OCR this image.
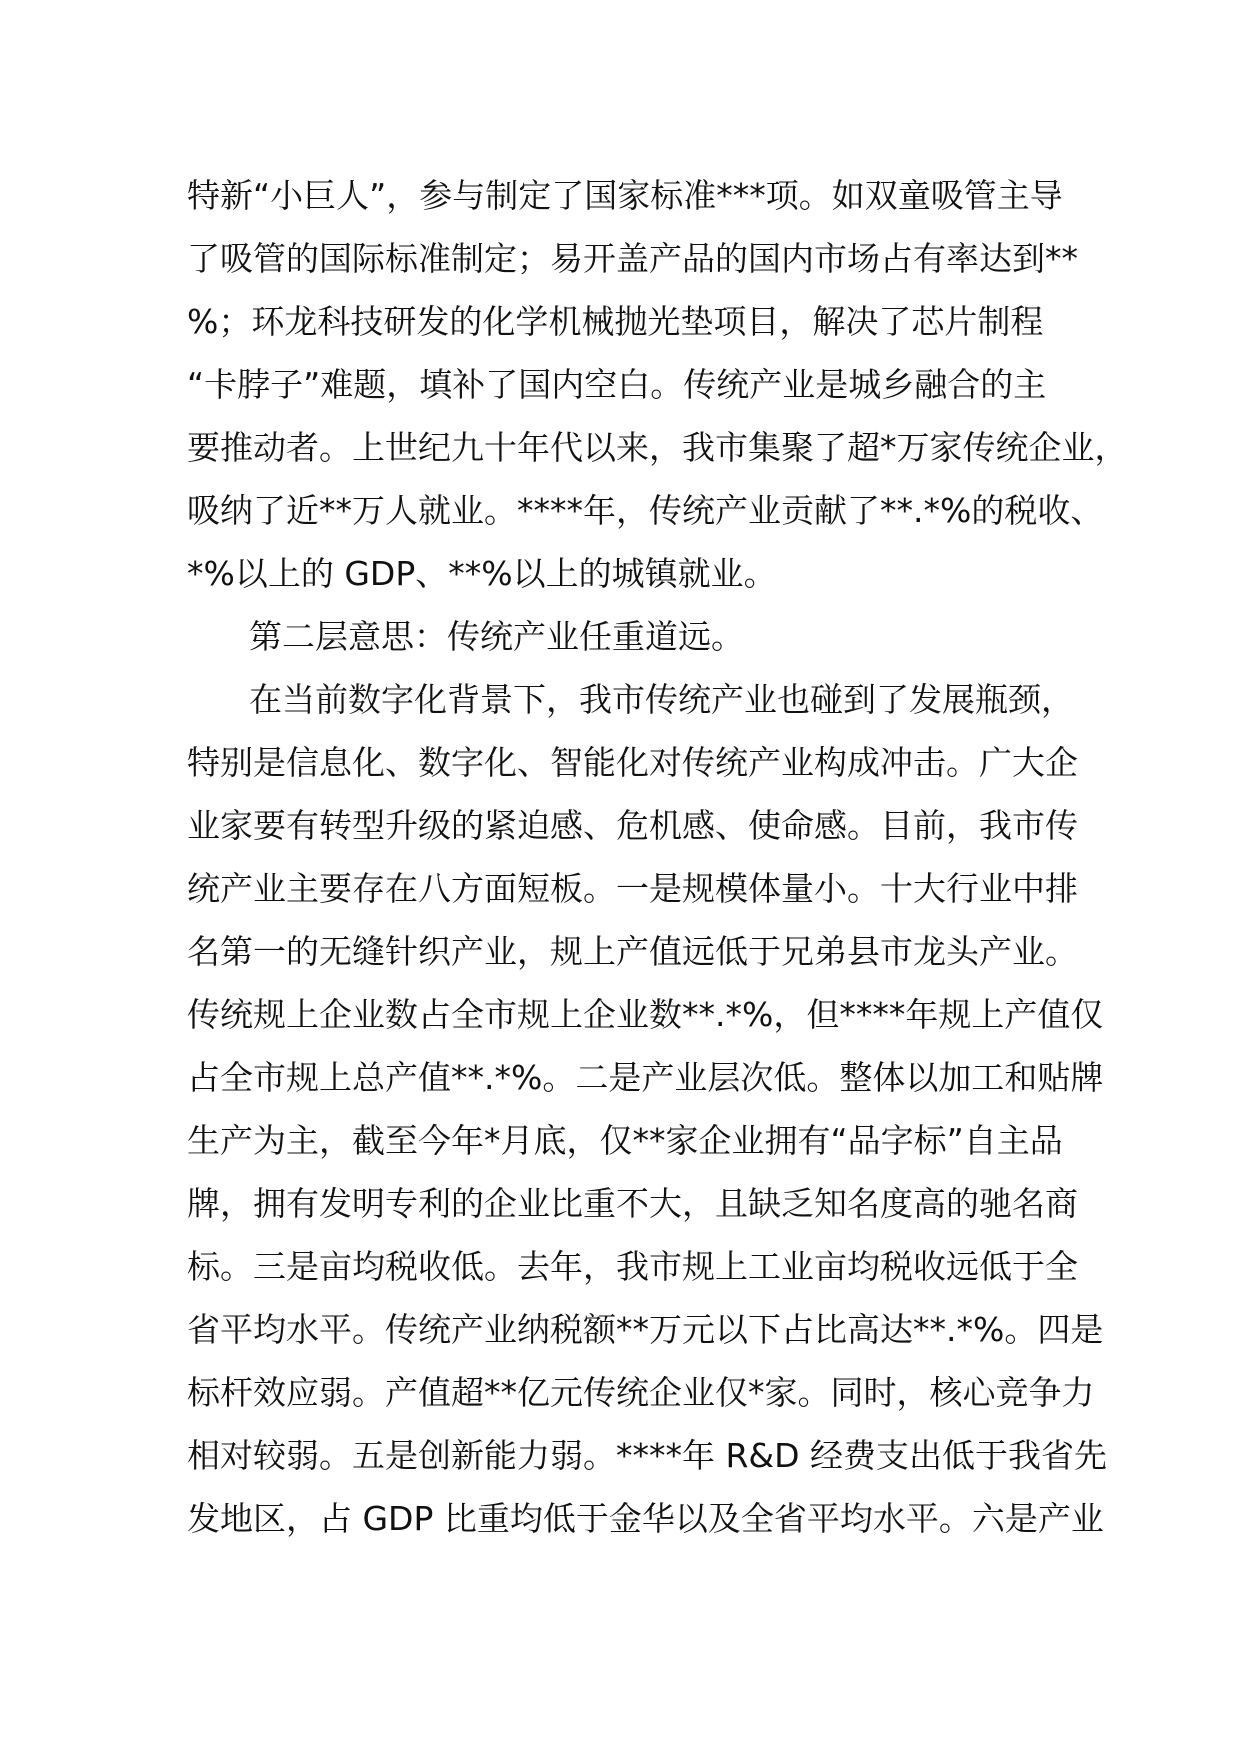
特新“小巨人”，参与制定了国家标准***项。如双童吸管主导
了吸管的国际标准制定；易开盖产品的国内市场占有率达到**
%；环龙科技研发的化学机械抛光垫项目，解决了芯片制程
“卡脖子”难题，填补了国内空白。传统产业是城乡融合的主
要推动者。上世纪九十年代以来，我市集聚了超*万家传统企业，
吸纳了近**万人就业。****年，传统产业贡献了**.*%的税收、
*%以上的 GDP、**%以上的城镇就业。
第二层意思：传统产业任重道远。
在当前数字化背景下，我市传统产业也碰到了发展瓶颈，
特别是信息化、数字化、智能化对传统产业构成冲击。广大企
业家要有转型升级的紧迫感、危机感、使命感。目前，我市传
统产业主要存在八方面短板。一是规模体量小。十大行业中排
名第一的无缝针织产业，规上产值远低于兄弟县市龙头产业。
传统规上企业数占全市规上企业数**.*%，但****年规上产值仅
占全市规上总产值**.*%。二是产业层次低。整体以加工和贴牌
生产为主，截至今年*月底，仅**家企业拥有“品字标”自主品
牌，拥有发明专利的企业比重不大，且缺乏知名度高的驰名商
标。三是亩均税收低。去年，我市规上工业亩均税收远低于全
省平均水平。传统产业纳税额**万元以下占比高达**.*%。四是
标杆效应弱。产值超**亿元传统企业仅*家。同时，核心竞争力
相对较弱。五是创新能力弱。****年 R&D 经费支出低于我省先
发地区，占 GDP 比重均低于金华以及全省平均水平。六是产业
